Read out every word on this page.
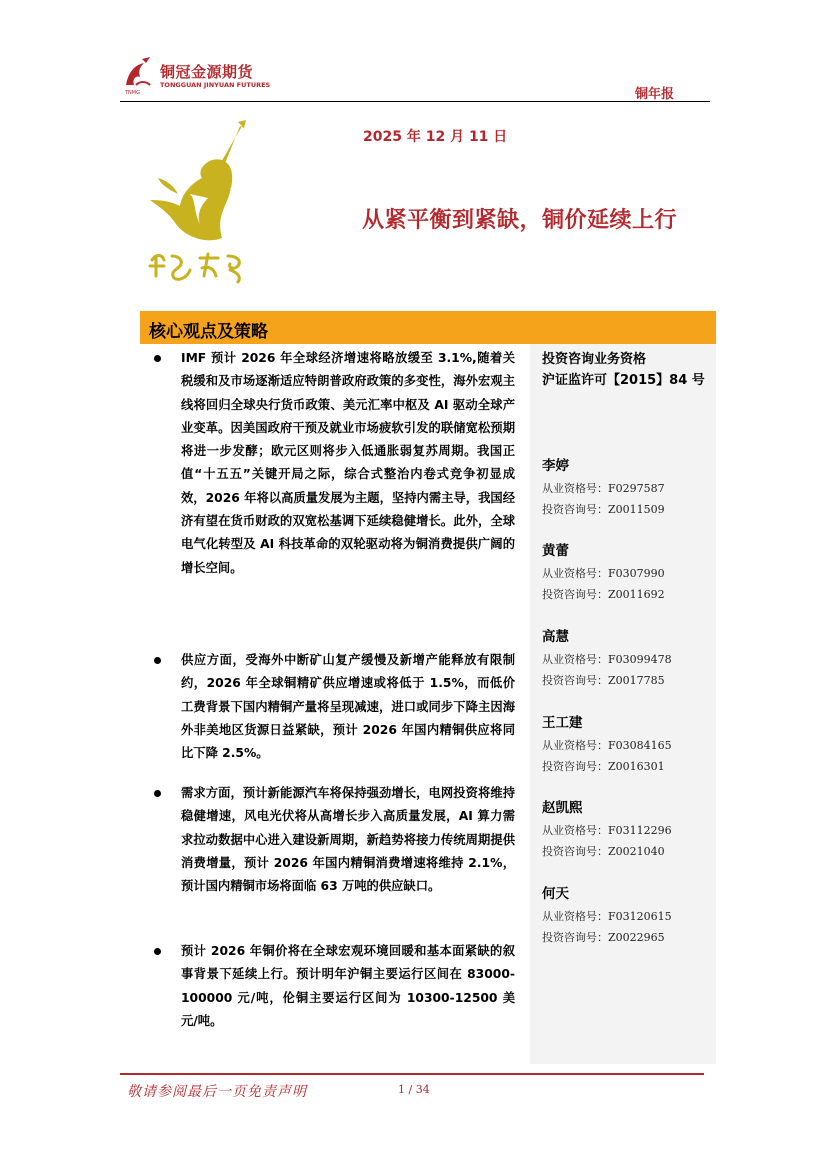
铜冠金源期货
TONGGUAN JINYUAN FUTURES
TNMG	铜年报
2025 年 12 月 11 日
从紧平衡到紧缺，铜价延续上行
核心观点及策略
IMF 预计 2026 年全球经济增速将略放缓至 3.1%,随着关税缓和及市场逐渐适应特朗普政府政策的多变性，海外宏观主线将回归全球央行货币政策、美元汇率中枢及 AI 驱动全球产业变革。因美国政府干预及就业市场疲软引发的联储宽松预期将进一步发酵；欧元区则将步入低通胀弱复苏周期。我国正值“十五五”关键开局之际，综合式整治内卷式竞争初显成效，2026 年将以高质量发展为主题，坚持内需主导，我国经济有望在货币财政的双宽松基调下延续稳健增长。此外，全球电气化转型及 AI 科技革命的双轮驱动将为铜消费提供广阔的增长空间。
供应方面，受海外中断矿山复产缓慢及新增产能释放有限制约，2026 年全球铜精矿供应增速或将低于 1.5%，而低价工费背景下国内精铜产量将呈现减速，进口或同步下降主因海外非美地区货源日益紧缺，预计 2026 年国内精铜供应将同比下降 2.5%。
需求方面，预计新能源汽车将保持强劲增长，电网投资将维持稳健增速，风电光伏将从高增长步入高质量发展，AI 算力需求拉动数据中心进入建设新周期，新趋势将接力传统周期提供消费增量，预计 2026 年国内精铜消费增速将维持 2.1%，预计国内精铜市场将面临 63 万吨的供应缺口。
预计 2026 年铜价将在全球宏观环境回暖和基本面紧缺的叙事背景下延续上行。预计明年沪铜主要运行区间在 83000-100000 元/吨，伦铜主要运行区间为 10300-12500 美元/吨。
投资咨询业务资格
沪证监许可【2015】84 号
李婷
从业资格号：F0297587
投资咨询号：Z0011509
黄蕾
从业资格号：F0307990
投资咨询号：Z0011692
高慧
从业资格号：F03099478
投资咨询号：Z0017785
王工建
从业资格号：F03084165
投资咨询号：Z0016301
赵凯熙
从业资格号：F03112296
投资咨询号：Z0021040
何天
从业资格号：F03120615
投资咨询号：Z0022965
敬请参阅最后一页免责声明	1 / 34
